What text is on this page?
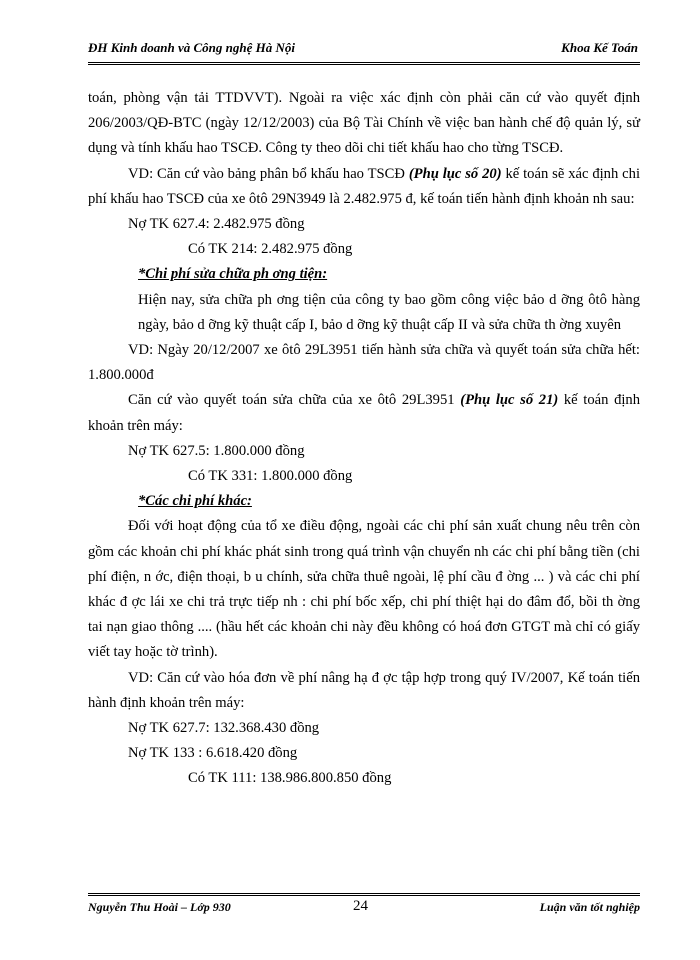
ĐH Kinh doanh và Công nghệ Hà Nội	Khoa Kế Toán

toán, phòng vận tải TTDVVT). Ngoài ra việc xác định còn phải căn cứ vào quyết định 206/2003/QĐ-BTC (ngày 12/12/2003) của Bộ Tài Chính về việc ban hành chế độ quản lý, sử dụng và tính khấu hao TSCĐ. Công ty theo dõi chi tiết khấu hao cho từng TSCĐ.

VD: Căn cứ vào bảng phân bổ khấu hao TSCĐ (Phụ lục số 20) kế toán sẽ xác định chi phí khấu hao TSCĐ của xe ôtô 29N3949 là 2.482.975 đ, kế toán tiến hành định khoản nh sau:

Nợ TK 627.4: 2.482.975 đồng

Có TK 214: 2.482.975 đồng

*Chi phí sửa chữa ph ơng tiện:

Hiện nay, sửa chữa ph ơng tiện của công ty bao gồm công việc bảo d ỡng ôtô hàng ngày, bảo d ỡng kỹ thuật cấp I, bảo d ỡng kỹ thuật cấp II và sửa chữa th ờng xuyên

VD: Ngày 20/12/2007 xe ôtô 29L3951 tiến hành sửa chữa và quyết toán sửa chữa hết: 1.800.000đ

Căn cứ vào quyết toán sửa chữa của xe ôtô 29L3951 (Phụ lục số 21) kế toán định khoản trên máy:

Nợ TK 627.5: 1.800.000 đồng

Có TK 331: 1.800.000 đồng

*Các chi phí khác:

Đối với hoạt động của tổ xe điều động, ngoài các chi phí sản xuất chung nêu trên còn gồm các khoản chi phí khác phát sinh trong quá trình vận chuyển nh các chi phí bằng tiền (chi phí điện, n ớc, điện thoại, b u chính, sửa chữa thuê ngoài, lệ phí cầu đ ờng ... ) và các chi phí khác đ ợc lái xe chi trả trực tiếp nh : chi phí bốc xếp, chi phí thiệt hại do đâm đổ, bồi th ờng tai nạn giao thông .... (hầu hết các khoản chi này đều không có hoá đơn GTGT mà chỉ có giấy viết tay hoặc tờ trình).

VD: Căn cứ vào hóa đơn về phí nâng hạ đ ợc tập hợp trong quý IV/2007, Kế toán tiến hành định khoản trên máy:

Nợ TK 627.7: 132.368.430 đồng

Nợ TK 133 : 6.618.420 đồng

Có TK 111: 138.986.800.850 đồng

Nguyễn Thu Hoài – Lớp 930	24	Luận văn tốt nghiệp
